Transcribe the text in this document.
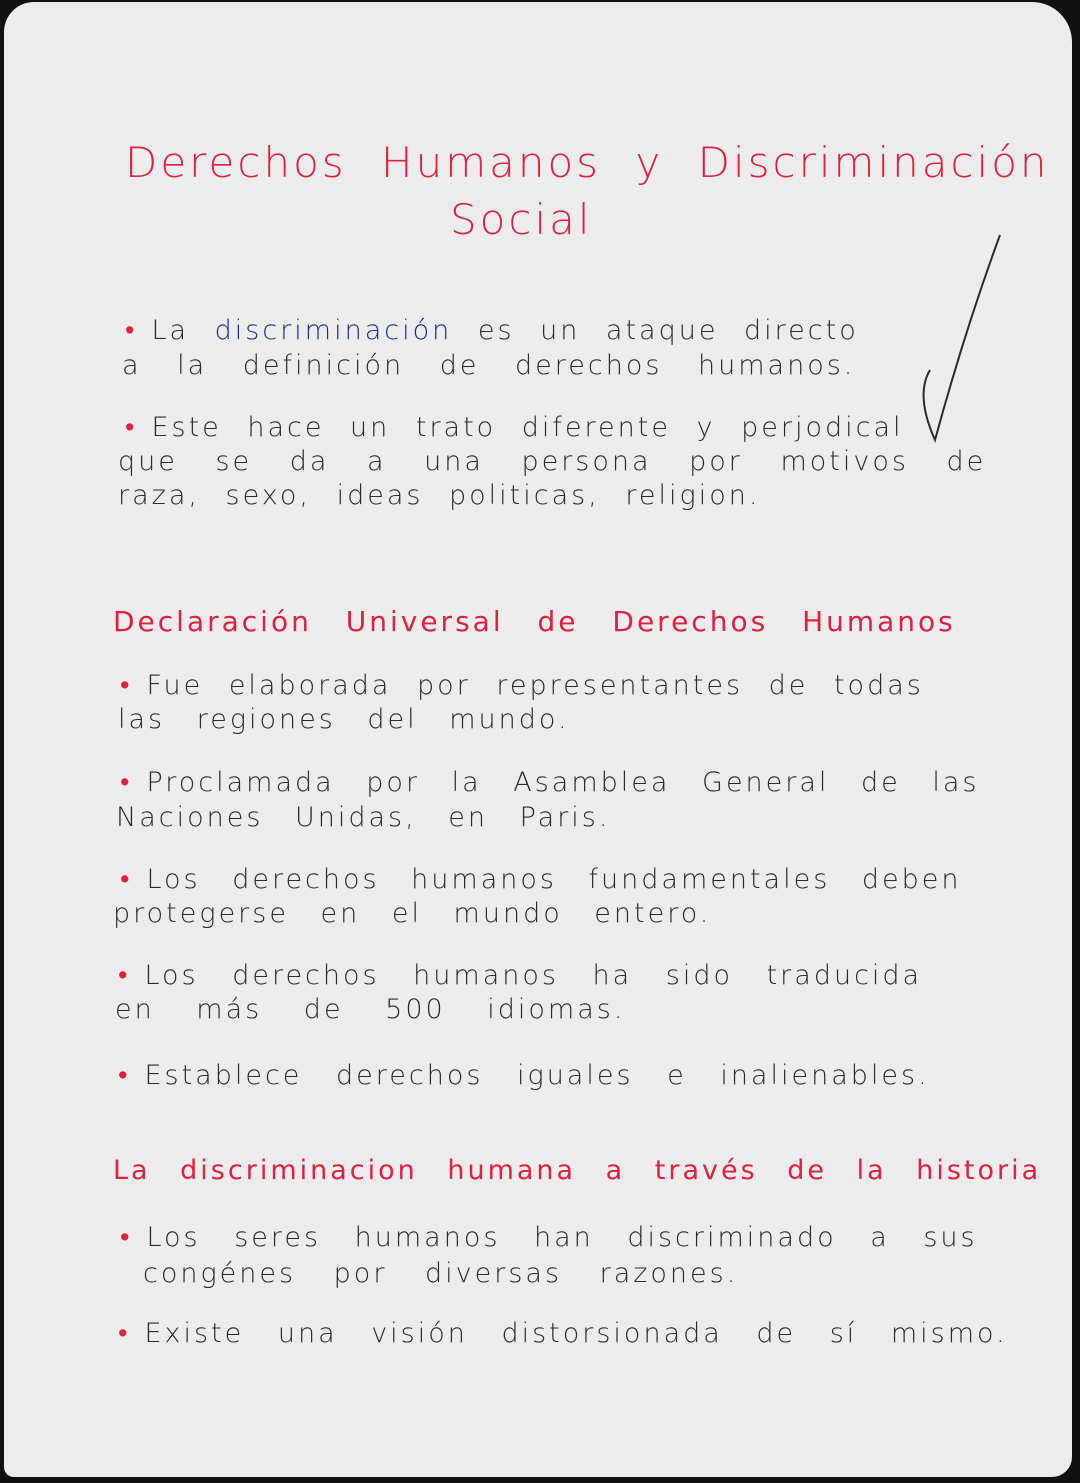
Derechos Humanos y Discriminación
Social
• La discriminación es un ataque directo
a la definición de derechos humanos.
• Este hace un trato diferente y perjodical
que se da a una persona por motivos de
raza, sexo, ideas politicas, religion.
Declaración Universal de Derechos Humanos
• Fue elaborada por representantes de todas
las regiones del mundo.
• Proclamada por la Asamblea General de las
Naciones Unidas, en Paris.
• Los derechos humanos fundamentales deben
protegerse en el mundo entero.
• Los derechos humanos ha sido traducida
en más de 500 idiomas.
• Establece derechos iguales e inalienables.
La discriminacion humana a través de la historia
• Los seres humanos han discriminado a sus
congénes por diversas razones.
• Existe una visión distorsionada de sí mismo.
